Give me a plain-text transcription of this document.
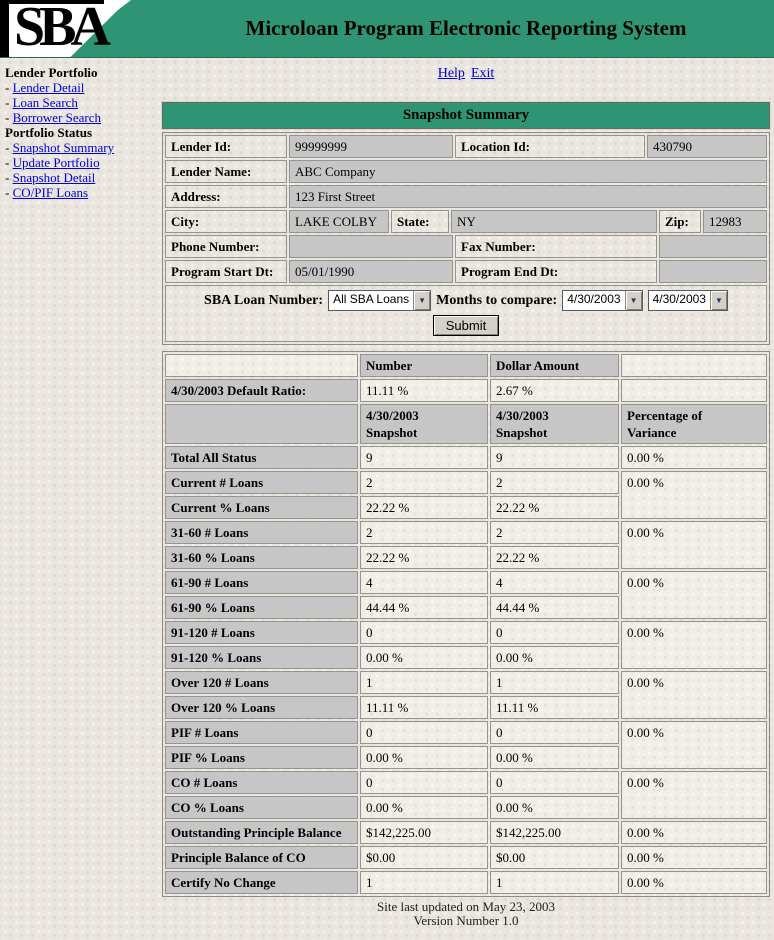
SBA	Microloan Program Electronic Reporting System
Lender Portfolio
- Lender Detail
- Loan Search
- Borrower Search
Portfolio Status
- Snapshot Summary
- Update Portfolio
- Snapshot Detail
- CO/PIF Loans
Help Exit
Snapshot Summary
Lender Id:	99999999	Location Id:	430790
Lender Name:	ABC Company
Address:	123 First Street
City:	LAKE COLBY	State:	NY	Zip:	12983
Phone Number:	Fax Number:
Program Start Dt:	05/01/1990	Program End Dt:
SBA Loan Number: All SBA Loans	▼ Months to compare: 4/30/2003	▼	4/30/2003	▼
Submit
	Number	Dollar Amount	
4/30/2003 Default Ratio:	11.11 %	2.67 %	

	4/30/2003 Snapshot	4/30/2003 Snapshot	Percentage of Variance

Total All Status	9	9	0.00 %
Current # Loans	2	2	0.00 %
Current % Loans	22.22 %	22.22 %	
31-60 # Loans	2	2	0.00 %
31-60 % Loans	22.22 %	22.22 %	
61-90 # Loans	4	4	0.00 %
61-90 % Loans	44.44 %	44.44 %	
91-120 # Loans	0	0	0.00 %
91-120 % Loans	0.00 %	0.00 %	
Over 120 # Loans	1	1	0.00 %
Over 120 % Loans	11.11 %	11.11 %	
PIF # Loans	0	0	0.00 %
PIF % Loans	0.00 %	0.00 %	
CO # Loans	0	0	0.00 %
CO % Loans	0.00 %	0.00 %	
Outstanding Principle Balance	$142,225.00	$142,225.00	0.00 %
Principle Balance of CO	$0.00	$0.00	0.00 %
Certify No Change	1	1	0.00 %
Site last updated on May 23, 2003
Version Number 1.0
